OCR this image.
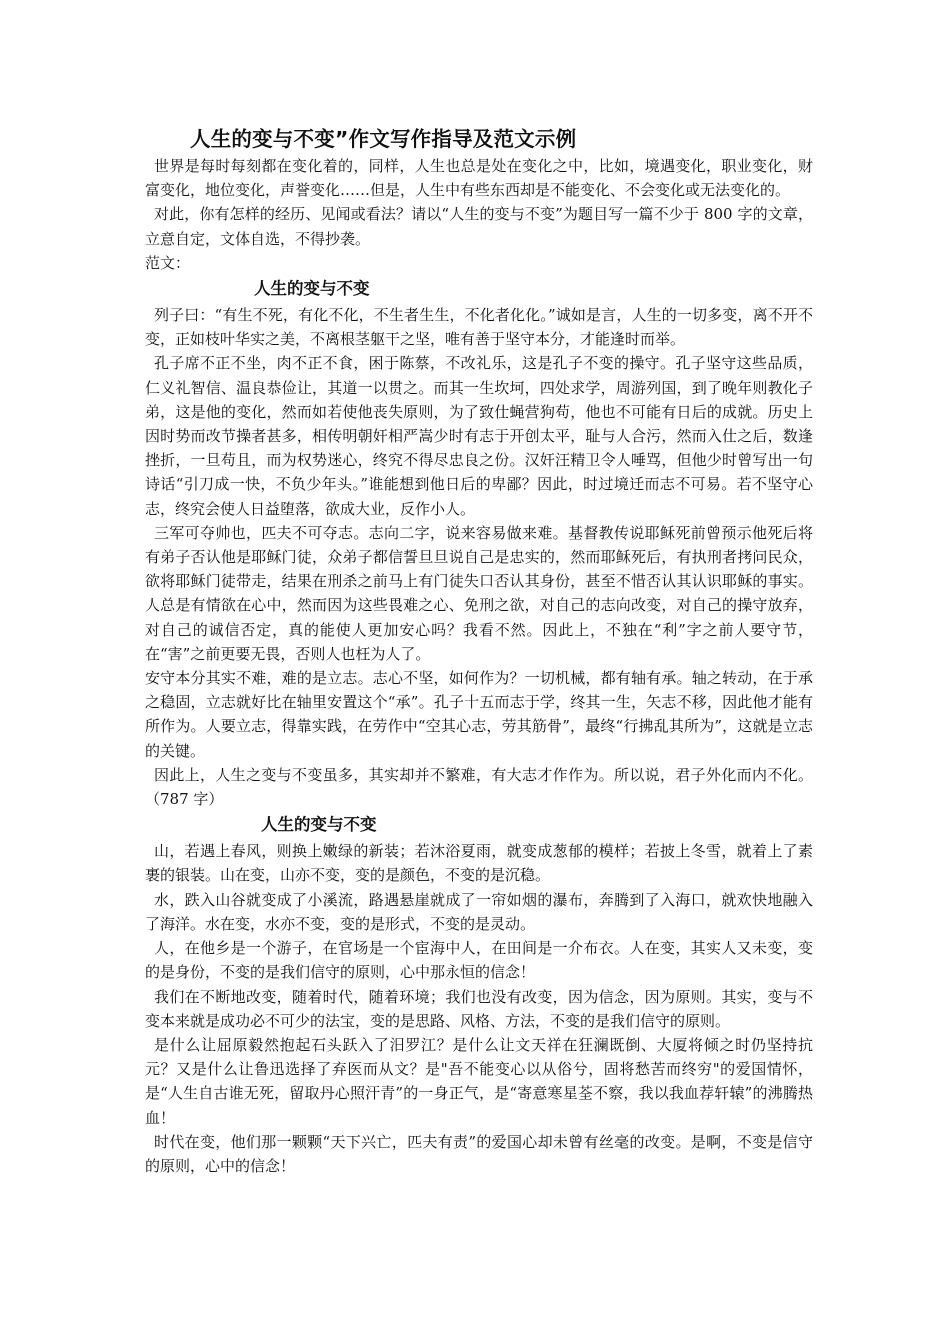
人生的变与不变”作文写作指导及范文示例

世界是每时每刻都在变化着的，同样，人生也总是处在变化之中，比如，境遇变化，职业变化，财富变化，地位变化，声誉变化……但是，人生中有些东西却是不能变化、不会变化或无法变化的。

对此，你有怎样的经历、见闻或看法？请以“人生的变与不变”为题目写一篇不少于 800 字的文章，立意自定，文体自选，不得抄袭。

范文：

人生的变与不变

列子曰：“有生不死，有化不化，不生者生生，不化者化化。”诚如是言，人生的一切多变，离不开不变，正如枝叶华实之美，不离根茎躯干之坚，唯有善于坚守本分，才能逢时而举。

孔子席不正不坐，肉不正不食，困于陈蔡，不改礼乐，这是孔子不变的操守。孔子坚守这些品质，仁义礼智信、温良恭俭让，其道一以贯之。而其一生坎坷，四处求学，周游列国，到了晚年则教化子弟，这是他的变化，然而如若使他丧失原则，为了致仕蝇营狗苟，他也不可能有日后的成就。历史上因时势而改节操者甚多，相传明朝奸相严嵩少时有志于开创太平，耻与人合污，然而入仕之后，数逢挫折，一旦苟且，而为权势迷心，终究不得尽忠良之份。汉奸汪精卫令人唾骂，但他少时曾写出一句诗话“引刀成一快，不负少年头。”谁能想到他日后的卑鄙？因此，时过境迁而志不可易。若不坚守心志，终究会使人日益堕落，欲成大业，反作小人。

三军可夺帅也，匹夫不可夺志。志向二字，说来容易做来难。基督教传说耶稣死前曾预示他死后将有弟子否认他是耶稣门徒，众弟子都信誓旦旦说自己是忠实的，然而耶稣死后，有执刑者拷问民众，欲将耶稣门徒带走，结果在刑杀之前马上有门徒失口否认其身份，甚至不惜否认其认识耶稣的事实。人总是有情欲在心中，然而因为这些畏难之心、免刑之欲，对自己的志向改变，对自己的操守放弃，对自己的诚信否定，真的能使人更加安心吗？我看不然。因此上，不独在“利”字之前人要守节，在“害”之前更要无畏，否则人也枉为人了。

安守本分其实不难，难的是立志。志心不坚，如何作为？一切机械，都有轴有承。轴之转动，在于承之稳固，立志就好比在轴里安置这个“承”。孔子十五而志于学，终其一生，矢志不移，因此他才能有所作为。人要立志，得靠实践，在劳作中“空其心志，劳其筋骨”，最终“行拂乱其所为”，这就是立志的关键。

因此上，人生之变与不变虽多，其实却并不繁难，有大志才作作为。所以说，君子外化而内不化。（787 字）

人生的变与不变

山，若遇上春风，则换上嫩绿的新装；若沐浴夏雨，就变成葱郁的模样；若披上冬雪，就着上了素裹的银装。山在变，山亦不变，变的是颜色，不变的是沉稳。

水，跌入山谷就变成了小溪流，路遇悬崖就成了一帘如烟的瀑布，奔腾到了入海口，就欢快地融入了海洋。水在变，水亦不变，变的是形式，不变的是灵动。

人，在他乡是一个游子，在官场是一个宦海中人，在田间是一介布衣。人在变，其实人又未变，变的是身份，不变的是我们信守的原则，心中那永恒的信念！

我们在不断地改变，随着时代，随着环境；我们也没有改变，因为信念，因为原则。其实，变与不变本来就是成功必不可少的法宝，变的是思路、风格、方法，不变的是我们信守的原则。

是什么让屈原毅然抱起石头跃入了汨罗江？是什么让文天祥在狂澜既倒、大厦将倾之时仍坚持抗元？又是什么让鲁迅选择了弃医而从文？是"吾不能变心以从俗兮，固将愁苦而终穷"的爱国情怀，是“人生自古谁无死，留取丹心照汗青”的一身正气，是“寄意寒星荃不察，我以我血荐轩辕”的沸腾热血！

时代在变，他们那一颗颗“天下兴亡，匹夫有责”的爱国心却未曾有丝毫的改变。是啊，不变是信守的原则，心中的信念！
